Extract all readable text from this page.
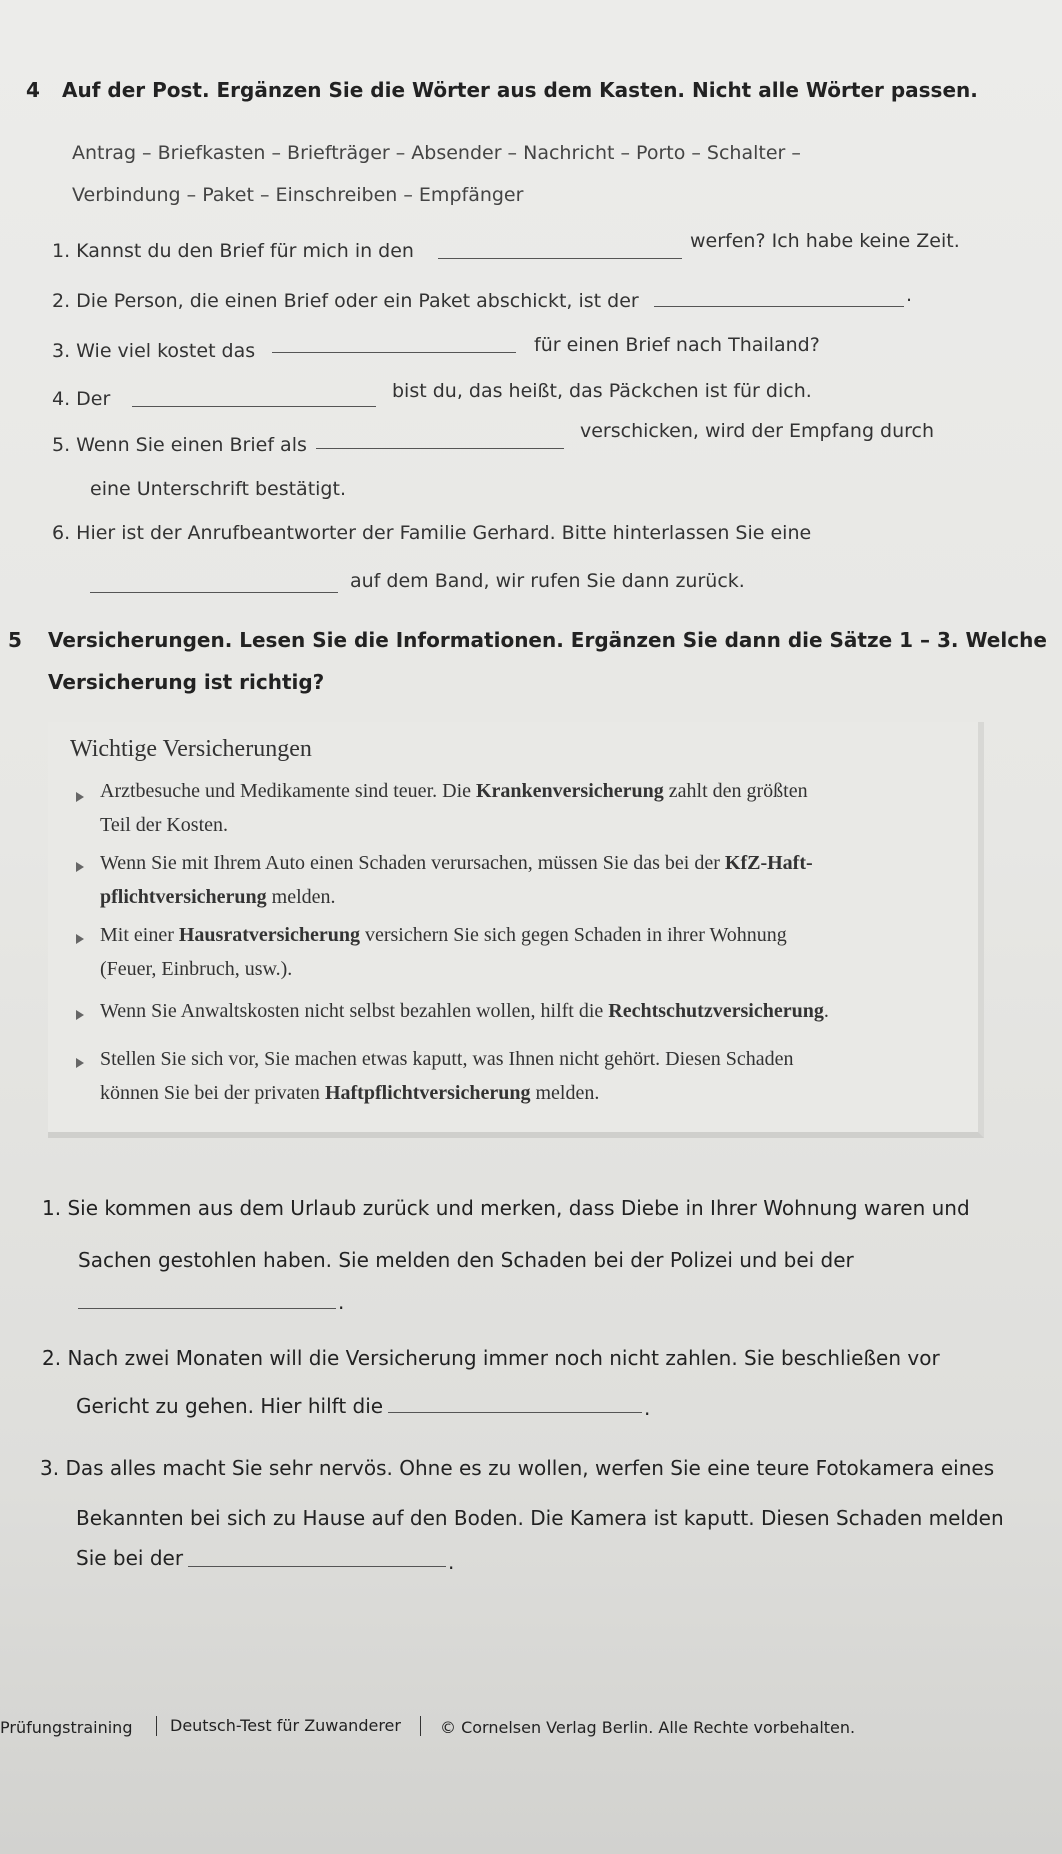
4 Auf der Post. Ergänzen Sie die Wörter aus dem Kasten. Nicht alle Wörter passen.
Antrag – Briefkasten – Briefträger – Absender – Nachricht – Porto – Schalter –
Verbindung – Paket – Einschreiben – Empfänger
1. Kannst du den Brief für mich in den	werfen? Ich habe keine Zeit.
2. Die Person, die einen Brief oder ein Paket abschickt, ist der	.
3. Wie viel kostet das	für einen Brief nach Thailand?
4. Der	bist du, das heißt, das Päckchen ist für dich.
5. Wenn Sie einen Brief als
verschicken, wird der Empfang durch
eine Unterschrift bestätigt.
6. Hier ist der Anrufbeantworter der Familie Gerhard. Bitte hinterlassen Sie eine
auf dem Band, wir rufen Sie dann zurück.
5 Versicherungen. Lesen Sie die Informationen. Ergänzen Sie dann die Sätze 1 – 3. Welche
Versicherung ist richtig?
Wichtige Versicherungen
Arztbesuche und Medikamente sind teuer. Die Krankenversicherung zahlt den größten
Teil der Kosten.
Wenn Sie mit Ihrem Auto einen Schaden verursachen, müssen Sie das bei der KfZ-Haft-
pflichtversicherung melden.
Mit einer Hausratversicherung versichern Sie sich gegen Schaden in ihrer Wohnung
(Feuer, Einbruch, usw.).
Wenn Sie Anwaltskosten nicht selbst bezahlen wollen, hilft die Rechtschutzversicherung.
Stellen Sie sich vor, Sie machen etwas kaputt, was Ihnen nicht gehört. Diesen Schaden
können Sie bei der privaten Haftpflichtversicherung melden.
1. Sie kommen aus dem Urlaub zurück und merken, dass Diebe in Ihrer Wohnung waren und
Sachen gestohlen haben. Sie melden den Schaden bei der Polizei und bei der
.
2. Nach zwei Monaten will die Versicherung immer noch nicht zahlen. Sie beschließen vor
Gericht zu gehen. Hier hilft die	.
3. Das alles macht Sie sehr nervös. Ohne es zu wollen, werfen Sie eine teure Fotokamera eines
Bekannten bei sich zu Hause auf den Boden. Die Kamera ist kaputt. Diesen Schaden melden
Sie bei der	.
Prüfungstraining Deutsch-Test für Zuwanderer © Cornelsen Verlag Berlin. Alle Rechte vorbehalten.
